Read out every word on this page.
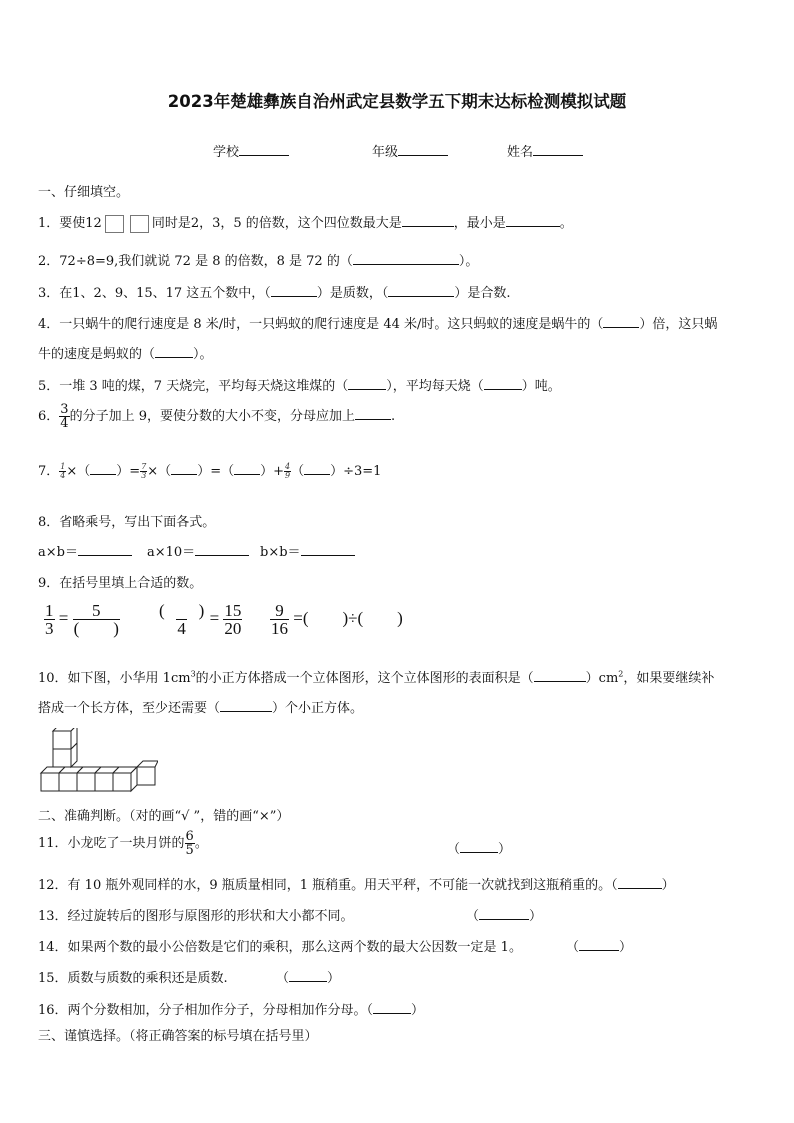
2023年楚雄彝族自治州武定县数学五下期末达标检测模拟试题
学校	年级	姓名
一、仔细填空。
1．要使12	同时是2，3，5 的倍数，这个四位数最大是	，最小是	。
2．72÷8=9,我们就说 72 是 8 的倍数，8 是 72 的（	）。
3．在1、2、9、15、17 这五个数中，（	）是质数，（	）是合数.
4．一只蜗牛的爬行速度是 8 米/时，一只蚂蚁的爬行速度是 44 米/时。这只蚂蚁的速度是蜗牛的（	）倍，这只蜗
牛的速度是蚂蚁的（	）。
5．一堆 3 吨的煤，7 天烧完，平均每天烧这堆煤的（	），平均每天烧（	）吨。
6． $\frac{3}{4}$ 的分子加上 9，要使分数的大小不变，分母应加上	.
7． $\frac{1}{4}$ ×（ ）= $\frac{7}{3}$ ×（ ）=（ ）+ $\frac{4}{9}$ （ ）÷3=1
8．省略乘号，写出下面各式。
a×b＝	a×10＝	b×b＝
9．在括号里填上合适的数。
$\frac{1}{3} = \frac{5}{( )} \frac{( )}{4} = \frac{15}{20} \frac{9}{16}$ =(　　)÷(　　)
10．如下图，小华用 $1cm^3$的小正方体搭成一个立体图形，这个立体图形的表面积是（	）$cm^2$，如果要继续补
搭成一个长方体，至少还需要（	）个小正方体。
二、准确判断。（对的画“√ ”，错的画“×”）
11．小龙吃了一块月饼的 $\frac{6}{5}$ 。	（	）
12．有 10 瓶外观同样的水，9 瓶质量相同，1 瓶稍重。用天平秤，不可能一次就找到这瓶稍重的。（	）
13．经过旋转后的图形与原图形的形状和大小都不同。	（	）
14．如果两个数的最小公倍数是它们的乘积，那么这两个数的最大公因数一定是 1。	（	）
15．质数与质数的乘积还是质数.	（	）
16．两个分数相加，分子相加作分子，分母相加作分母。（	）
三、谨慎选择。（将正确答案的标号填在括号里）
